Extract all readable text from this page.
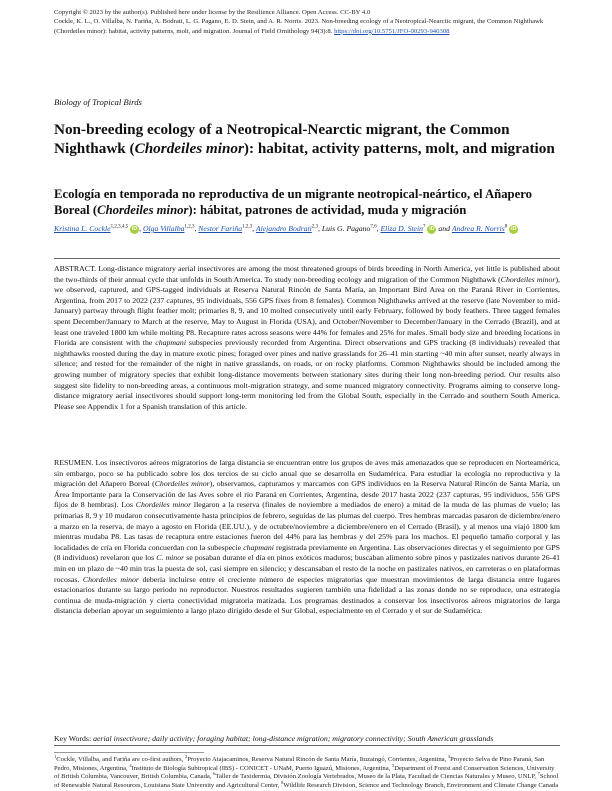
Copyright © 2023 by the author(s). Published here under license by the Resilience Alliance. Open Access. CC-BY 4.0
Cockle, K. L., O. Villalba, N. Fariña, A. Bodrati, L. G. Pagano, E. D. Stein, and A. R. Norris. 2023. Non-breeding ecology of a Neotropical-Nearctic migrant, the Common Nighthawk (Chordeiles minor): habitat, activity patterns, molt, and migration. Journal of Field Ornithology 94(3):8. https://doi.org/10.5751/JFO-00293-940308
Biology of Tropical Birds
Non-breeding ecology of a Neotropical-Nearctic migrant, the Common Nighthawk (Chordeiles minor): habitat, activity patterns, molt, and migration
Ecología en temporada no reproductiva de un migrante neotropical-neártico, el Añapero Boreal (Chordeiles minor): hábitat, patrones de actividad, muda y migración
Kristina L. Cockle$^{1,2,3,4,5}$ iD , Olga Villalba$^{1,2,3}$, Nestor Fariña$^{1,2,3}$, Alejandro Bodrati$^{2,3}$, Luis G. Pagano$^{7,6}$, Eliza D. Stein$^7$ iD and Andrea R. Norris$^8$ iD

ABSTRACT. Long-distance migratory aerial insectivores are among the most threatened groups of birds breeding in North America, yet little is published about the two-thirds of their annual cycle that unfolds in South America. To study non-breeding ecology and migration of the Common Nighthawk (Chordeiles minor), we observed, captured, and GPS-tagged individuals at Reserva Natural Rincón de Santa María, an Important Bird Area on the Paraná River in Corrientes, Argentina, from 2017 to 2022 (237 captures, 95 individuals, 556 GPS fixes from 8 females). Common Nighthawks arrived at the reserve (late November to mid-January) partway through flight feather molt; primaries 8, 9, and 10 molted consecutively until early February, followed by body feathers. Three tagged females spent December/January to March at the reserve, May to August in Florida (USA), and October/November to December/January in the Cerrado (Brazil), and at least one traveled 1800 km while molting P8. Recapture rates across seasons were 44% for females and 25% for males. Small body size and breeding locations in Florida are consistent with the chapmani subspecies previously recorded from Argentina. Direct observations and GPS tracking (8 individuals) revealed that nighthawks roosted during the day in mature exotic pines; foraged over pines and native grasslands for 26–41 min starting ~40 min after sunset, nearly always in silence; and rested for the remainder of the night in native grasslands, on roads, or on rocky platforms. Common Nighthawks should be included among the growing number of migratory species that exhibit long-distance movements between stationary sites during their long non-breeding period. Our results also suggest site fidelity to non-breeding areas, a continuous molt-migration strategy, and some nuanced migratory connectivity. Programs aiming to conserve long-distance migratory aerial insectivores should support long-term monitoring led from the Global South, especially in the Cerrado and southern South America. Please see Appendix 1 for a Spanish translation of this article.

RESUMEN. Los insectívoros aéreos migratorios de larga distancia se encuentran entre los grupos de aves más amenazados que se reproducen en Norteamérica, sin embargo, poco se ha publicado sobre los dos tercios de su ciclo anual que se desarrolla en Sudamérica. Para estudiar la ecología no reproductiva y la migración del Añapero Boreal (Chordeiles minor), observamos, capturamos y marcamos con GPS individuos en la Reserva Natural Rincón de Santa María, un Área Importante para la Conservación de las Aves sobre el río Paraná en Corrientes, Argentina, desde 2017 hasta 2022 (237 capturas, 95 individuos, 556 GPS fijos de 8 hembras). Los Chordeiles minor llegaron a la reserva (finales de noviembre a mediados de enero) a mitad de la muda de las plumas de vuelo; las primarias 8, 9 y 10 mudaron consecutivamente hasta principios de febrero, seguidas de las plumas del cuerpo. Tres hembras marcadas pasaron de diciembre/enero a marzo en la reserva, de mayo a agosto en Florida (EE.UU.), y de octubre/noviembre a diciembre/enero en el Cerrado (Brasil), y al menos una viajó 1800 km mientras mudaba P8. Las tasas de recaptura entre estaciones fueron del 44% para las hembras y del 25% para los machos. El pequeño tamaño corporal y las localidades de cría en Florida concuerdan con la subespecie chapmani registrada previamente en Argentina. Las observaciones directas y el seguimiento por GPS (8 individuos) revelaron que los C. minor se posaban durante el día en pinos exóticos maduros; buscaban alimento sobre pinos y pastizales nativos durante 26-41 min en un plazo de ~40 min tras la puesta de sol, casi siempre en silencio; y descansaban el resto de la noche en pastizales nativos, en carreteras o en plataformas rocosas. Chordeiles minor debería incluirse entre el creciente número de especies migratorias que muestran movimientos de larga distancia entre lugares estacionarios durante su largo periodo no reproductor. Nuestros resultados sugieren también una fidelidad a las zonas donde no se reproduce, una estrategia continua de muda-migración y cierta conectividad migratoria matizada. Los programas destinados a conservar los insectívoros aéreos migratorios de larga distancia deberían apoyar un seguimiento a largo plazo dirigido desde el Sur Global, especialmente en el Cerrado y el sur de Sudamérica.

Key Words: aerial insectivore; daily activity; foraging habitat; long-distance migration; migratory connectivity; South American grasslands

$^1$Cockle, Villalba, and Fariña are co-first authors, $^2$Proyecto Atajacaminos, Reserva Natural Rincón de Santa María, Ituzaingó, Corrientes, Argentina, $^3$Proyecto Selva de Pino Paraná, San Pedro, Misiones, Argentina, $^4$Instituto de Biología Subtropical (IBS) - CONICET - UNaM, Puerto Iguazú, Misiones, Argentina, $^5$Department of Forest and Conservation Sciences, University of British Columbia, Vancouver, British Columbia, Canada, $^6$Taller de Taxidermia, División Zoología Vertebrados, Museo de la Plata, Facultad de Ciencias Naturales y Museo, UNLP, $^7$School of Renewable Natural Resources, Louisiana State University and Agricultural Center, $^8$Wildlife Research Division, Science and Technology Branch, Environment and Climate Change Canada
